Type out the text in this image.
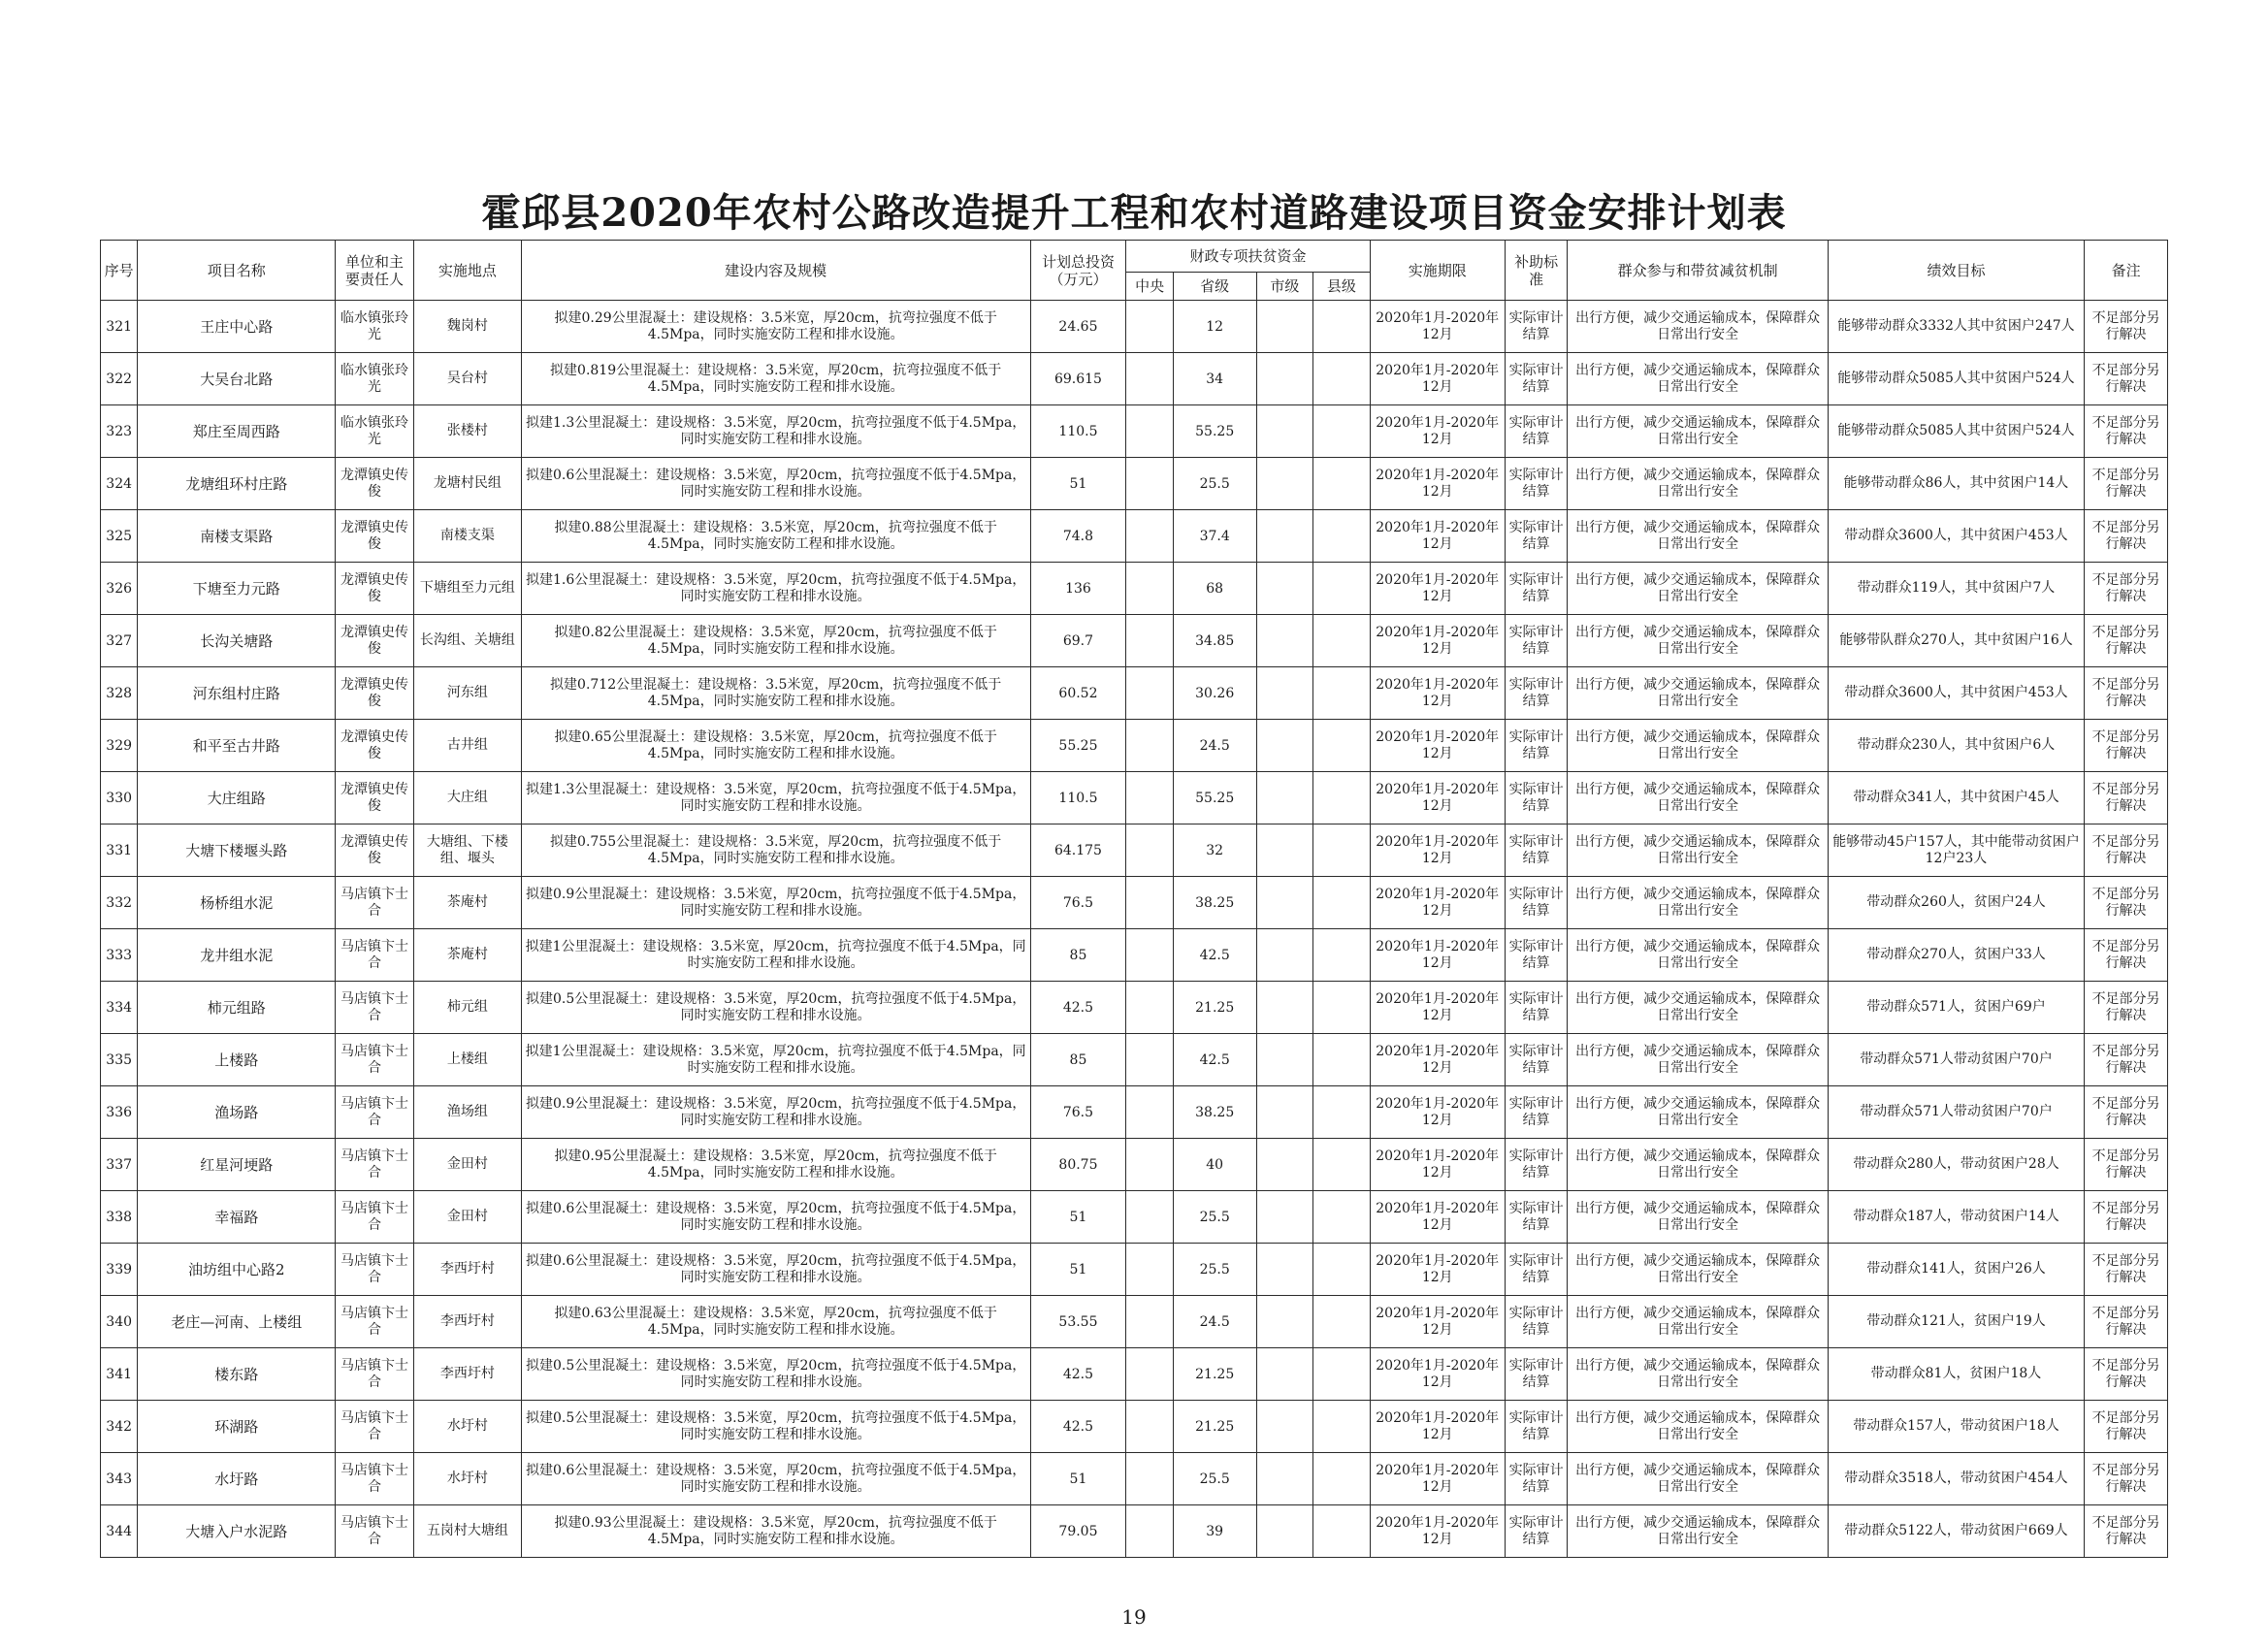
霍邱县2020年农村公路改造提升工程和农村道路建设项目资金安排计划表
序号	项目名称	单位和主要责任人	实施地点	建设内容及规模	计划总投资（万元）	财政专项扶贫资金				实施期限	补助标准	群众参与和带贫减贫机制	绩效目标	备注
						中央	省级	市级	县级					
321	王庄中心路	临水镇张玲光	魏岗村	拟建0.29公里混凝土：建设规格：3.5米宽，厚20cm，抗弯拉强度不低于4.5Mpa，同时实施安防工程和排水设施。	24.65		12			2020年1月-2020年12月	实际审计结算	出行方便，减少交通运输成本，保障群众日常出行安全	能够带动群众3332人其中贫困户247人	不足部分另行解决
322	大吴台北路	临水镇张玲光	吴台村	拟建0.819公里混凝土：建设规格：3.5米宽，厚20cm，抗弯拉强度不低于4.5Mpa，同时实施安防工程和排水设施。	69.615		34			2020年1月-2020年12月	实际审计结算	出行方便，减少交通运输成本，保障群众日常出行安全	能够带动群众5085人其中贫困户524人	不足部分另行解决
323	郑庄至周西路	临水镇张玲光	张楼村	拟建1.3公里混凝土：建设规格：3.5米宽，厚20cm，抗弯拉强度不低于4.5Mpa，同时实施安防工程和排水设施。	110.5		55.25			2020年1月-2020年12月	实际审计结算	出行方便，减少交通运输成本，保障群众日常出行安全	能够带动群众5085人其中贫困户524人	不足部分另行解决
324	龙塘组环村庄路	龙潭镇史传俊	龙塘村民组	拟建0.6公里混凝土：建设规格：3.5米宽，厚20cm，抗弯拉强度不低于4.5Mpa，同时实施安防工程和排水设施。	51		25.5			2020年1月-2020年12月	实际审计结算	出行方便，减少交通运输成本，保障群众日常出行安全	能够带动群众86人，其中贫困户14人	不足部分另行解决
325	南楼支渠路	龙潭镇史传俊	南楼支渠	拟建0.88公里混凝土：建设规格：3.5米宽，厚20cm，抗弯拉强度不低于4.5Mpa，同时实施安防工程和排水设施。	74.8		37.4			2020年1月-2020年12月	实际审计结算	出行方便，减少交通运输成本，保障群众日常出行安全	带动群众3600人，其中贫困户453人	不足部分另行解决
326	下塘至力元路	龙潭镇史传俊	下塘组至力元组	拟建1.6公里混凝土：建设规格：3.5米宽，厚20cm，抗弯拉强度不低于4.5Mpa，同时实施安防工程和排水设施。	136		68			2020年1月-2020年12月	实际审计结算	出行方便，减少交通运输成本，保障群众日常出行安全	带动群众119人，其中贫困户7人	不足部分另行解决
327	长沟关塘路	龙潭镇史传俊	长沟组、关塘组	拟建0.82公里混凝土：建设规格：3.5米宽，厚20cm，抗弯拉强度不低于4.5Mpa，同时实施安防工程和排水设施。	69.7		34.85			2020年1月-2020年12月	实际审计结算	出行方便，减少交通运输成本，保障群众日常出行安全	能够带队群众270人，其中贫困户16人	不足部分另行解决
328	河东组村庄路	龙潭镇史传俊	河东组	拟建0.712公里混凝土：建设规格：3.5米宽，厚20cm，抗弯拉强度不低于4.5Mpa，同时实施安防工程和排水设施。	60.52		30.26			2020年1月-2020年12月	实际审计结算	出行方便，减少交通运输成本，保障群众日常出行安全	带动群众3600人，其中贫困户453人	不足部分另行解决
329	和平至古井路	龙潭镇史传俊	古井组	拟建0.65公里混凝土：建设规格：3.5米宽，厚20cm，抗弯拉强度不低于4.5Mpa，同时实施安防工程和排水设施。	55.25		24.5			2020年1月-2020年12月	实际审计结算	出行方便，减少交通运输成本，保障群众日常出行安全	带动群众230人，其中贫困户6人	不足部分另行解决
330	大庄组路	龙潭镇史传俊	大庄组	拟建1.3公里混凝土：建设规格：3.5米宽，厚20cm，抗弯拉强度不低于4.5Mpa，同时实施安防工程和排水设施。	110.5		55.25			2020年1月-2020年12月	实际审计结算	出行方便，减少交通运输成本，保障群众日常出行安全	带动群众341人，其中贫困户45人	不足部分另行解决
331	大塘下楼堰头路	龙潭镇史传俊	大塘组、下楼组、堰头	拟建0.755公里混凝土：建设规格：3.5米宽，厚20cm，抗弯拉强度不低于4.5Mpa，同时实施安防工程和排水设施。	64.175		32			2020年1月-2020年12月	实际审计结算	出行方便，减少交通运输成本，保障群众日常出行安全	能够带动45户157人，其中能带动贫困户12户23人	不足部分另行解决
332	杨桥组水泥	马店镇卞士合	茶庵村	拟建0.9公里混凝土：建设规格：3.5米宽，厚20cm，抗弯拉强度不低于4.5Mpa，同时实施安防工程和排水设施。	76.5		38.25			2020年1月-2020年12月	实际审计结算	出行方便，减少交通运输成本，保障群众日常出行安全	带动群众260人，贫困户24人	不足部分另行解决
333	龙井组水泥	马店镇卞士合	茶庵村	拟建1公里混凝土：建设规格：3.5米宽，厚20cm，抗弯拉强度不低于4.5Mpa，同时实施安防工程和排水设施。	85		42.5			2020年1月-2020年12月	实际审计结算	出行方便，减少交通运输成本，保障群众日常出行安全	带动群众270人，贫困户33人	不足部分另行解决
334	柿元组路	马店镇卞士合	柿元组	拟建0.5公里混凝土：建设规格：3.5米宽，厚20cm，抗弯拉强度不低于4.5Mpa，同时实施安防工程和排水设施。	42.5		21.25			2020年1月-2020年12月	实际审计结算	出行方便，减少交通运输成本，保障群众日常出行安全	带动群众571人，贫困户69户	不足部分另行解决
335	上楼路	马店镇卞士合	上楼组	拟建1公里混凝土：建设规格：3.5米宽，厚20cm，抗弯拉强度不低于4.5Mpa，同时实施安防工程和排水设施。	85		42.5			2020年1月-2020年12月	实际审计结算	出行方便，减少交通运输成本，保障群众日常出行安全	带动群众571人带动贫困户70户	不足部分另行解决
336	渔场路	马店镇卞士合	渔场组	拟建0.9公里混凝土：建设规格：3.5米宽，厚20cm，抗弯拉强度不低于4.5Mpa，同时实施安防工程和排水设施。	76.5		38.25			2020年1月-2020年12月	实际审计结算	出行方便，减少交通运输成本，保障群众日常出行安全	带动群众571人带动贫困户70户	不足部分另行解决
337	红星河埂路	马店镇卞士合	金田村	拟建0.95公里混凝土：建设规格：3.5米宽，厚20cm，抗弯拉强度不低于4.5Mpa，同时实施安防工程和排水设施。	80.75		40			2020年1月-2020年12月	实际审计结算	出行方便，减少交通运输成本，保障群众日常出行安全	带动群众280人，带动贫困户28人	不足部分另行解决
338	幸福路	马店镇卞士合	金田村	拟建0.6公里混凝土：建设规格：3.5米宽，厚20cm，抗弯拉强度不低于4.5Mpa，同时实施安防工程和排水设施。	51		25.5			2020年1月-2020年12月	实际审计结算	出行方便，减少交通运输成本，保障群众日常出行安全	带动群众187人，带动贫困户14人	不足部分另行解决
339	油坊组中心路2	马店镇卞士合	李西圩村	拟建0.6公里混凝土：建设规格：3.5米宽，厚20cm，抗弯拉强度不低于4.5Mpa，同时实施安防工程和排水设施。	51		25.5			2020年1月-2020年12月	实际审计结算	出行方便，减少交通运输成本，保障群众日常出行安全	带动群众141人，贫困户26人	不足部分另行解决
340	老庄—河南、上楼组	马店镇卞士合	李西圩村	拟建0.63公里混凝土：建设规格：3.5米宽，厚20cm，抗弯拉强度不低于4.5Mpa，同时实施安防工程和排水设施。	53.55		24.5			2020年1月-2020年12月	实际审计结算	出行方便，减少交通运输成本，保障群众日常出行安全	带动群众121人，贫困户19人	不足部分另行解决
341	楼东路	马店镇卞士合	李西圩村	拟建0.5公里混凝土：建设规格：3.5米宽，厚20cm，抗弯拉强度不低于4.5Mpa，同时实施安防工程和排水设施。	42.5		21.25			2020年1月-2020年12月	实际审计结算	出行方便，减少交通运输成本，保障群众日常出行安全	带动群众81人，贫困户18人	不足部分另行解决
342	环湖路	马店镇卞士合	水圩村	拟建0.5公里混凝土：建设规格：3.5米宽，厚20cm，抗弯拉强度不低于4.5Mpa，同时实施安防工程和排水设施。	42.5		21.25			2020年1月-2020年12月	实际审计结算	出行方便，减少交通运输成本，保障群众日常出行安全	带动群众157人，带动贫困户18人	不足部分另行解决
343	水圩路	马店镇卞士合	水圩村	拟建0.6公里混凝土：建设规格：3.5米宽，厚20cm，抗弯拉强度不低于4.5Mpa，同时实施安防工程和排水设施。	51		25.5			2020年1月-2020年12月	实际审计结算	出行方便，减少交通运输成本，保障群众日常出行安全	带动群众3518人，带动贫困户454人	不足部分另行解决
344	大塘入户水泥路	马店镇卞士合	五岗村大塘组	拟建0.93公里混凝土：建设规格：3.5米宽，厚20cm，抗弯拉强度不低于4.5Mpa，同时实施安防工程和排水设施。	79.05		39			2020年1月-2020年12月	实际审计结算	出行方便，减少交通运输成本，保障群众日常出行安全	带动群众5122人，带动贫困户669人	不足部分另行解决
19
